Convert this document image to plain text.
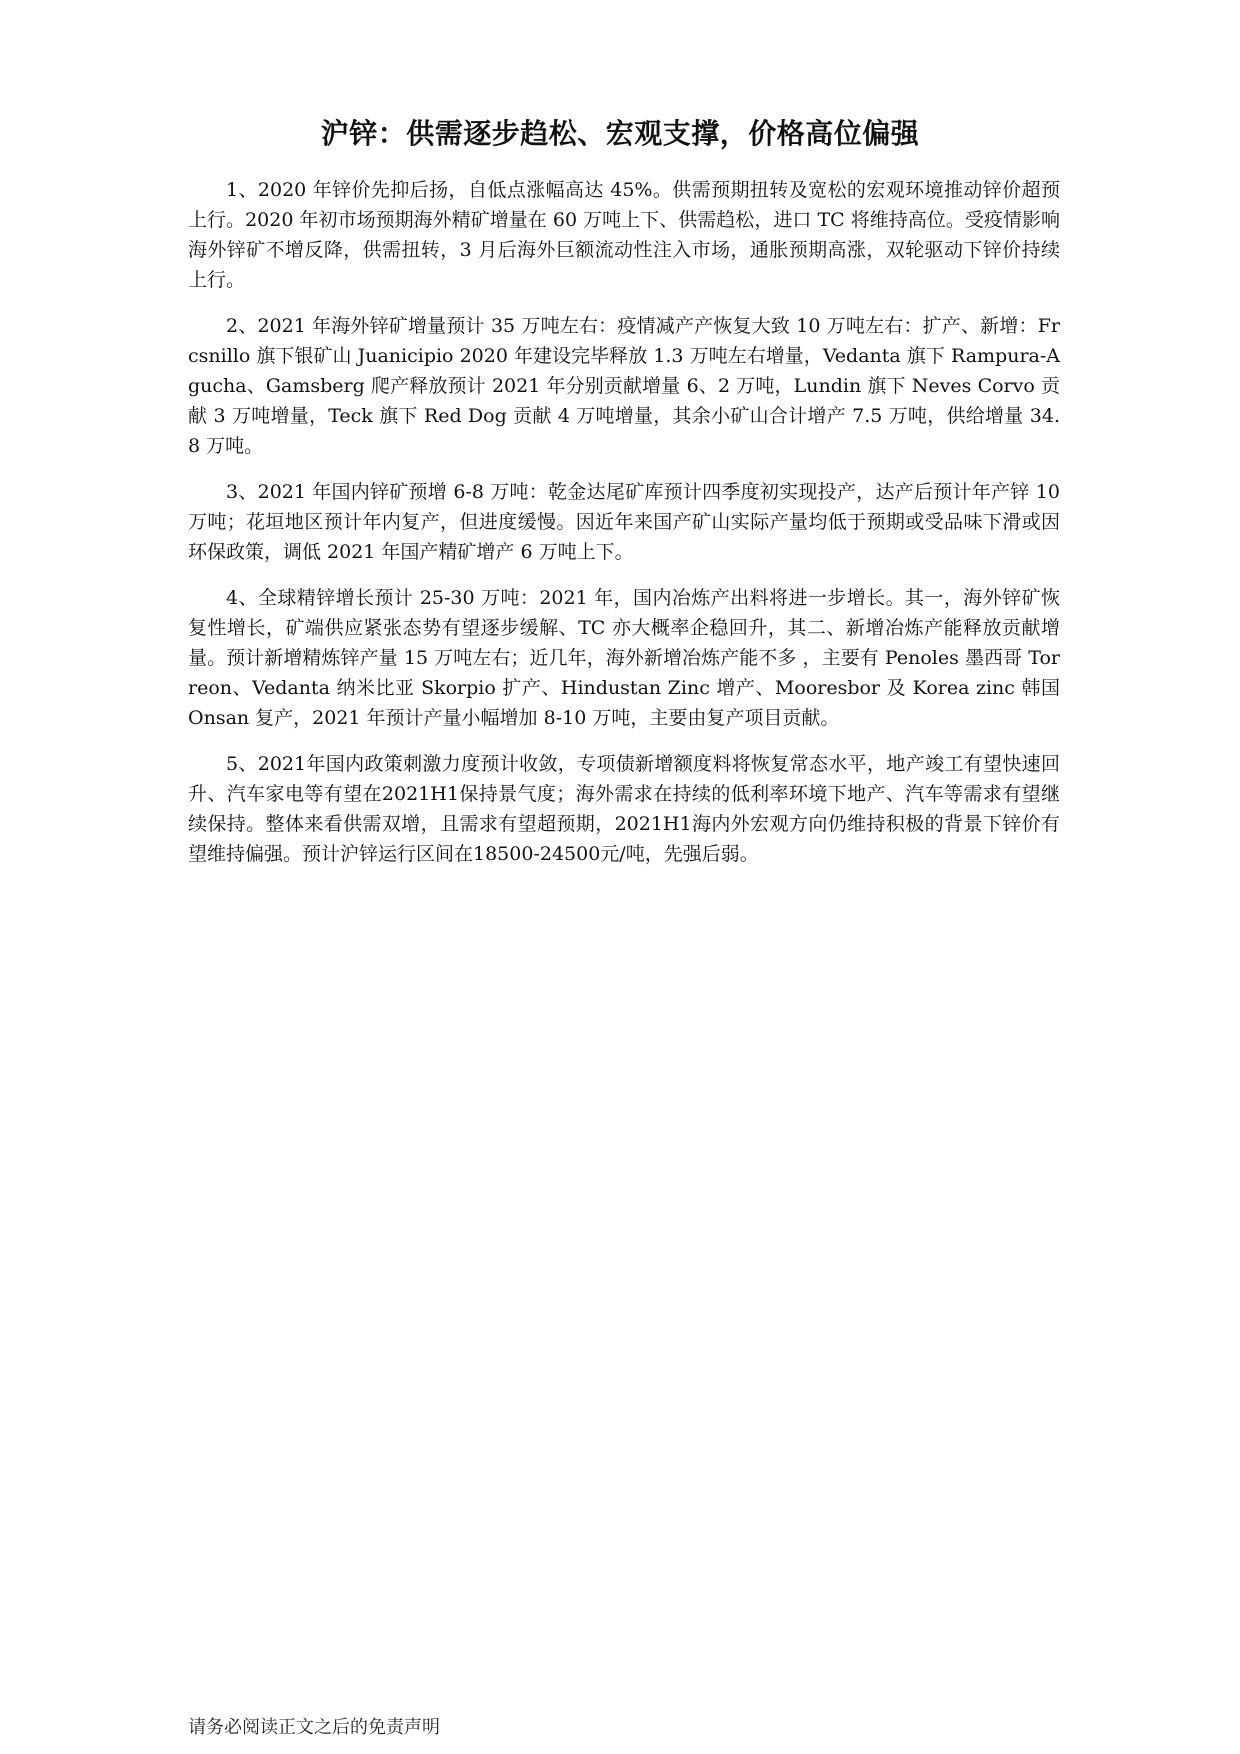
沪锌：供需逐步趋松、宏观支撑，价格高位偏强

1、2020 年锌价先抑后扬，自低点涨幅高达 45%。供需预期扭转及宽松的宏观环境推动锌价超预上行。2020 年初市场预期海外精矿增量在 60 万吨上下、供需趋松，进口 TC 将维持高位。受疫情影响海外锌矿不增反降，供需扭转，3 月后海外巨额流动性注入市场，通胀预期高涨，双轮驱动下锌价持续上行。

2、2021 年海外锌矿增量预计 35 万吨左右：疫情减产产恢复大致 10 万吨左右：扩产、新增：Frcsnillo 旗下银矿山 Juanicipio 2020 年建设完毕释放 1.3 万吨左右增量，Vedanta 旗下 Rampura-Agucha、Gamsberg 爬产释放预计 2021 年分别贡献增量 6、2 万吨，Lundin 旗下 Neves Corvo 贡献 3 万吨增量，Teck 旗下 Red Dog 贡献 4 万吨增量，其余小矿山合计增产 7.5 万吨，供给增量 34.8 万吨。

3、2021 年国内锌矿预增 6-8 万吨：乾金达尾矿库预计四季度初实现投产，达产后预计年产锌 10 万吨；花垣地区预计年内复产，但进度缓慢。因近年来国产矿山实际产量均低于预期或受品味下滑或因环保政策，调低 2021 年国产精矿增产 6 万吨上下。

4、全球精锌增长预计 25-30 万吨：2021 年，国内冶炼产出料将进一步增长。其一，海外锌矿恢复性增长，矿端供应紧张态势有望逐步缓解、TC 亦大概率企稳回升，其二、新增冶炼产能释放贡献增量。预计新增精炼锌产量 15 万吨左右；近几年，海外新增冶炼产能不多 ，主要有 Penoles 墨西哥 Torreon、Vedanta 纳米比亚 Skorpio 扩产、Hindustan Zinc 增产、Mooresbor 及 Korea zinc 韩国 Onsan 复产，2021 年预计产量小幅增加 8-10 万吨，主要由复产项目贡献。

5、2021年国内政策刺激力度预计收敛，专项债新增额度料将恢复常态水平，地产竣工有望快速回升、汽车家电等有望在2021H1保持景气度；海外需求在持续的低利率环境下地产、汽车等需求有望继续保持。整体来看供需双增，且需求有望超预期，2021H1海内外宏观方向仍维持积极的背景下锌价有望维持偏强。预计沪锌运行区间在18500-24500元/吨，先强后弱。

请务必阅读正文之后的免责声明
